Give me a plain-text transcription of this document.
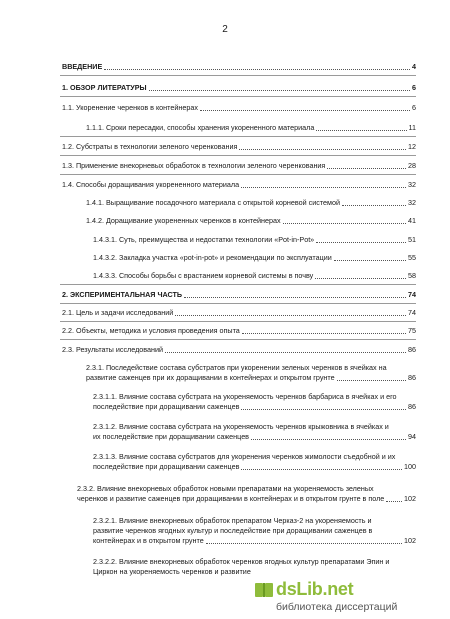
2
ВВЕДЕНИЕ	4
1. ОБЗОР ЛИТЕРАТУРЫ	6
1.1. Укоренение черенков в контейнерах	6
1.1.1. Сроки пересадки, способы хранения укорененного материала	11
1.2. Субстраты в технологии зеленого черенкования	12
1.3. Применение внекорневых обработок в технологии зеленого черенкования	28
1.4. Способы доращивания укорененного материала	32
1.4.1. Выращивание посадочного материала с открытой корневой системой	32
1.4.2. Доращивание укорененных черенков в контейнерах	41
1.4.3.1. Суть, преимущества и недостатки технологии «Pot-in-Pot»	51
1.4.3.2. Закладка участка «pot-in-pot» и рекомендации по эксплуатации	55
1.4.3.3. Способы борьбы с врастанием корневой системы в почву	58
2. ЭКСПЕРИМЕНТАЛЬНАЯ ЧАСТЬ	74
2.1. Цель и задачи исследований	74
2.2. Объекты, методика и условия проведения опыта	75
2.3. Результаты исследований	86
2.3.1. Последействие состава субстратов при укоренении зеленых черенков в ячейках на
развитие саженцев при их доращивании в контейнерах и открытом грунте	86
2.3.1.1. Влияние состава субстрата на укореняемость черенков барбариса в ячейках и его
последействие при доращивании саженцев	86
2.3.1.2. Влияние состава субстрата на укореняемость черенков крыжовника в ячейках и
их последействие при доращивании саженцев	94
2.3.1.3. Влияние состава субстратов для укоренения черенков жимолости съедобной и их
последействие при доращивании саженцев	100
2.3.2. Влияние внекорневых обработок новыми препаратами на укореняемость зеленых
черенков и развитие саженцев при доращивании в контейнерах и в открытом грунте в поле	102
2.3.2.1. Влияние внекорневых обработок препаратом Черказ-2 на укореняемость и
развитие черенков ягодных культур и последействие при доращивании саженцев в
контейнерах и в открытом грунте	102
2.3.2.2. Влияние внекорневых обработок черенков ягодных культур препаратами Эпин и
Циркон на укореняемость черенков и развитие
dsLib.net
библиотека диссертаций
